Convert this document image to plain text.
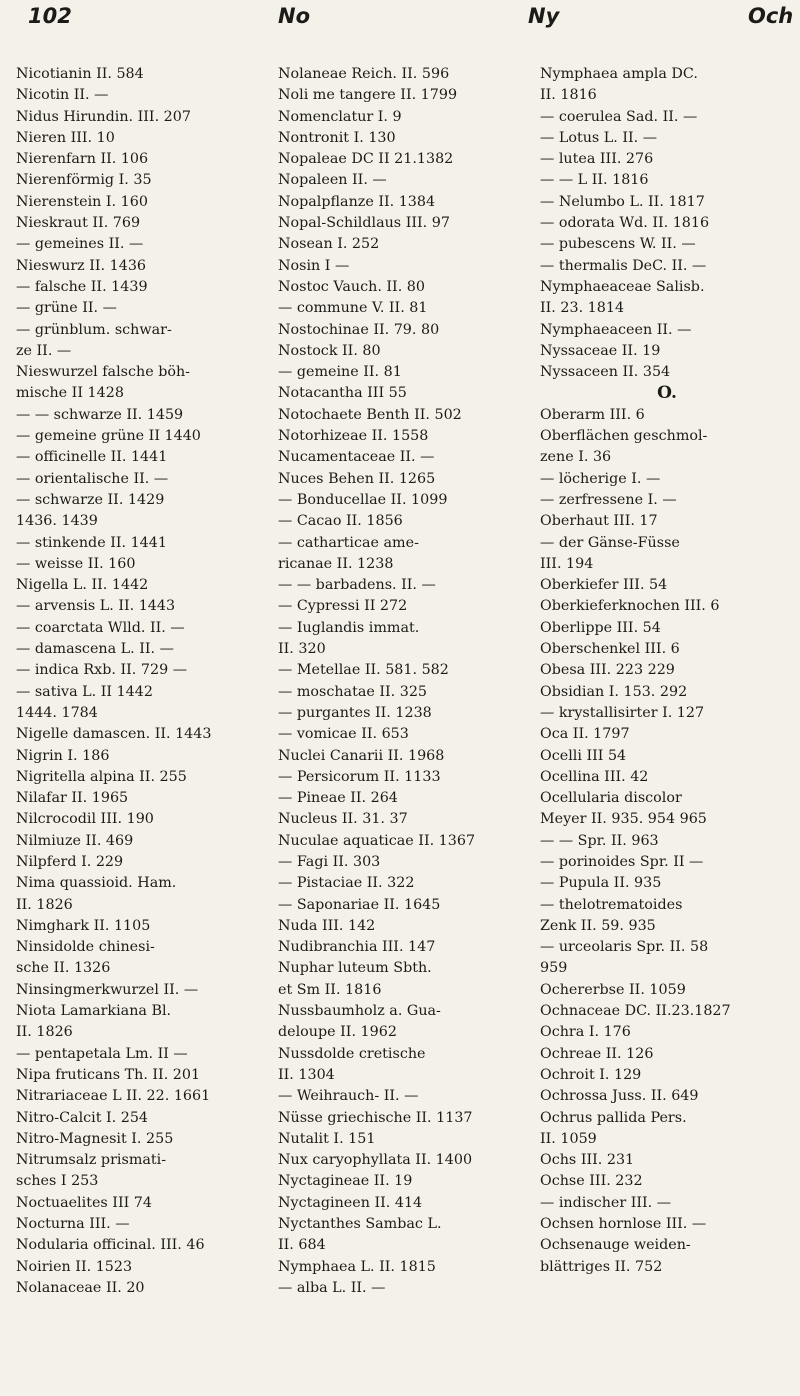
102	No	Ny	Och
Nicotianin II. 584
Nicotin II. —
Nidus Hirundin. III. 207
Nieren III. 10
Nierenfarn II. 106
Nierenförmig I. 35
Nierenstein I. 160
Nieskraut II. 769
— gemeines II. —
Nieswurz II. 1436
— falsche II. 1439
— grüne II. —
— grünblum. schwar-
ze II. —
Nieswurzel falsche böh-
mische II 1428
— — schwarze II. 1459
— gemeine grüne II 1440
— officinelle II. 1441
— orientalische II. —
— schwarze II. 1429
1436. 1439
— stinkende II. 1441
— weisse II. 160
Nigella L. II. 1442
— arvensis L. II. 1443
— coarctata Wlld. II. —
— damascena L. II. —
— indica Rxb. II. 729 —
— sativa L. II 1442
1444. 1784
Nigelle damascen. II. 1443
Nigrin I. 186
Nigritella alpina II. 255
Nilafar II. 1965
Nilcrocodil III. 190
Nilmiuze II. 469
Nilpferd I. 229
Nima quassioid. Ham.
II. 1826
Nimghark II. 1105
Ninsidolde chinesi-
sche II. 1326
Ninsingmerkwurzel II. —
Niota Lamarkiana Bl.
II. 1826
— pentapetala Lm. II —
Nipa fruticans Th. II. 201
Nitrariaceae L II. 22. 1661
Nitro-Calcit I. 254
Nitro-Magnesit I. 255
Nitrumsalz prismati-
sches I 253
Noctuaelites III 74
Nocturna III. —
Nodularia officinal. III. 46
Noirien II. 1523
Nolanaceae II. 20
Nolaneae Reich. II. 596
Noli me tangere II. 1799
Nomenclatur I. 9
Nontronit I. 130
Nopaleae DC II 21.1382
Nopaleen II. —
Nopalpflanze II. 1384
Nopal-Schildlaus III. 97
Nosean I. 252
Nosin I —
Nostoc Vauch. II. 80
— commune V. II. 81
Nostochinae II. 79. 80
Nostock II. 80
— gemeine II. 81
Notacantha III 55
Notochaete Benth II. 502
Notorhizeae II. 1558
Nucamentaceae II. —
Nuces Behen II. 1265
— Bonducellae II. 1099
— Cacao II. 1856
— catharticae ame-
ricanae II. 1238
— — barbadens. II. —
— Cypressi II 272
— Iuglandis immat.
II. 320
— Metellae II. 581. 582
— moschatae II. 325
— purgantes II. 1238
— vomicae II. 653
Nuclei Canarii II. 1968
— Persicorum II. 1133
— Pineae II. 264
Nucleus II. 31. 37
Nuculae aquaticae II. 1367
— Fagi II. 303
— Pistaciae II. 322
— Saponariae II. 1645
Nuda III. 142
Nudibranchia III. 147
Nuphar luteum Sbth.
et Sm II. 1816
Nussbaumholz a. Gua-
deloupe II. 1962
Nussdolde cretische
II. 1304
— Weihrauch- II. —
Nüsse griechische II. 1137
Nutalit I. 151
Nux caryophyllata II. 1400
Nyctagineae II. 19
Nyctagineen II. 414
Nyctanthes Sambac L.
II. 684
Nymphaea L. II. 1815
— alba L. II. —
Nymphaea ampla DC.
II. 1816
— coerulea Sad. II. —
— Lotus L. II. —
— lutea III. 276
— — L II. 1816
— Nelumbo L. II. 1817
— odorata Wd. II. 1816
— pubescens W. II. —
— thermalis DeC. II. —
Nymphaeaceae Salisb.
II. 23. 1814
Nymphaeaceen II. —
Nyssaceae II. 19
Nyssaceen II. 354
O.
Oberarm III. 6
Oberflächen geschmol-
zene I. 36
— löcherige I. —
— zerfressene I. —
Oberhaut III. 17
— der Gänse-Füsse
III. 194
Oberkiefer III. 54
Oberkieferknochen III. 6
Oberlippe III. 54
Oberschenkel III. 6
Obesa III. 223 229
Obsidian I. 153. 292
— krystallisirter I. 127
Oca II. 1797
Ocelli III 54
Ocellina III. 42
Ocellularia discolor
Meyer II. 935. 954 965
— — Spr. II. 963
— porinoides Spr. II —
— Pupula II. 935
— thelotrematoides
Zenk II. 59. 935
— urceolaris Spr. II. 58
959
Ochererbse II. 1059
Ochnaceae DC. II.23.1827
Ochra I. 176
Ochreae II. 126
Ochroit I. 129
Ochrossa Juss. II. 649
Ochrus pallida Pers.
II. 1059
Ochs III. 231
Ochse III. 232
— indischer III. —
Ochsen hornlose III. —
Ochsenauge weiden-
blättriges II. 752
